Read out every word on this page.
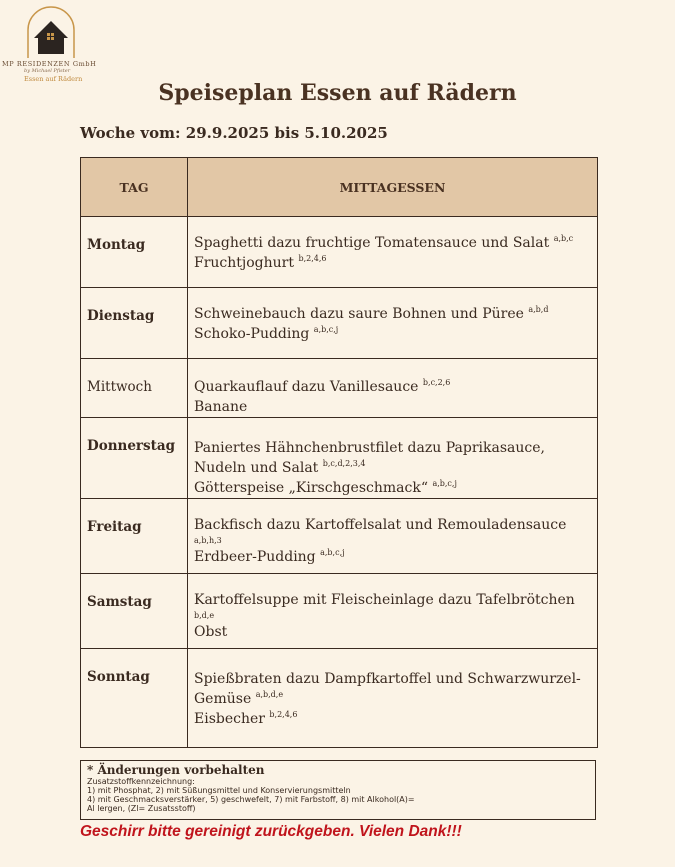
MP RESIDENZEN GmbH
by Michael Pfister
Essen auf Rädern
Speiseplan Essen auf Rädern
Woche vom: 29.9.2025 bis 5.10.2025
TAG	MITTAGESSEN
Montag	Spaghetti dazu fruchtige Tomatensauce und Salat $^{a,b,c}$
Fruchtjoghurt $^{b,2,4,6}$
Dienstag	Schweinebauch dazu saure Bohnen und Püree $^{a,b,d}$
Schoko-Pudding $^{a,b,c,j}$
Mittwoch	Quarkauflauf dazu Vanillesauce $^{b,c,2,6}$
Banane
Donnerstag	Paniertes Hähnchenbrustfilet dazu Paprikasauce,
Nudeln und Salat $^{b,c,d,2,3,4}$
Götterspeise „Kirschgeschmack“ $^{a,b,c,j}$
Freitag	Backfisch dazu Kartoffelsalat und Remouladensauce
a,b,h,3
Erdbeer-Pudding $^{a,b,c,j}$
Samstag	Kartoffelsuppe mit Fleischeinlage dazu Tafelbrötchen
b,d,e
Obst
Sonntag	Spießbraten dazu Dampfkartoffel und Schwarzwurzel-
Gemüse $^{a,b,d,e}$
Eisbecher $^{b,2,4,6}$
* Änderungen vorbehalten
Zusatzstoffkennzeichnung:
1) mit Phosphat, 2) mit Süßungsmittel und Konservierungsmitteln
4) mit Geschmacksverstärker, 5) geschwefelt, 7) mit Farbstoff, 8) mit Alkohol(A)=
Al lergen, (Zl= Zusatsstoff)
Geschirr bitte gereinigt zurückgeben. Vielen Dank!!!
